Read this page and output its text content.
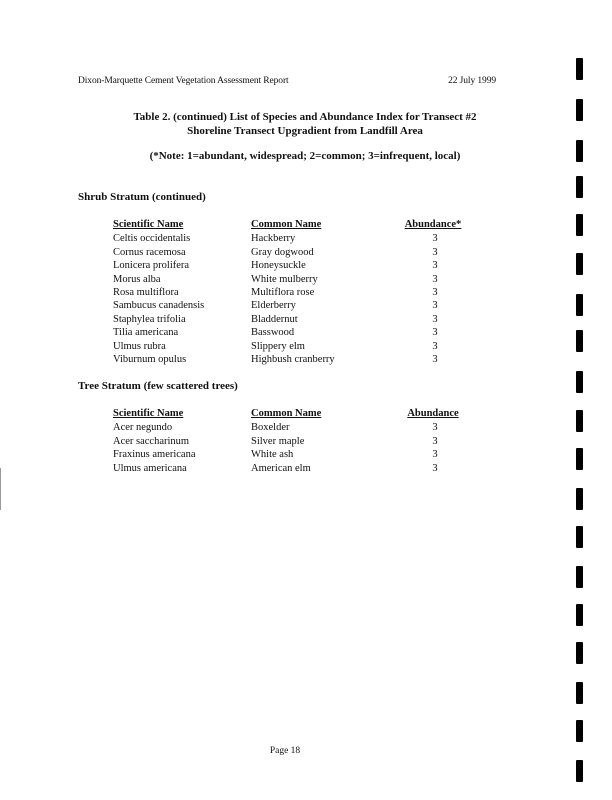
Dixon-Marquette Cement Vegetation Assessment Report	22 July 1999
Table 2. (continued) List of Species and Abundance Index for Transect #2
Shoreline Transect Upgradient from Landfill Area
(*Note: 1=abundant, widespread; 2=common; 3=infrequent, local)
Shrub Stratum (continued)
Scientific Name	Common Name	Abundance*
Celtis occidentalis	Hackberry	3
Cornus racemosa	Gray dogwood	3
Lonicera prolifera	Honeysuckle	3
Morus alba	White mulberry	3
Rosa multiflora	Multiflora rose	3
Sambucus canadensis	Elderberry	3
Staphylea trifolia	Bladdernut	3
Tilia americana	Basswood	3
Ulmus rubra	Slippery elm	3
Viburnum opulus	Highbush cranberry	3
Tree Stratum (few scattered trees)
Scientific Name	Common Name	Abundance
Acer negundo	Boxelder	3
Acer saccharinum	Silver maple	3
Fraxinus americana	White ash	3
Ulmus americana	American elm	3
Page 18
